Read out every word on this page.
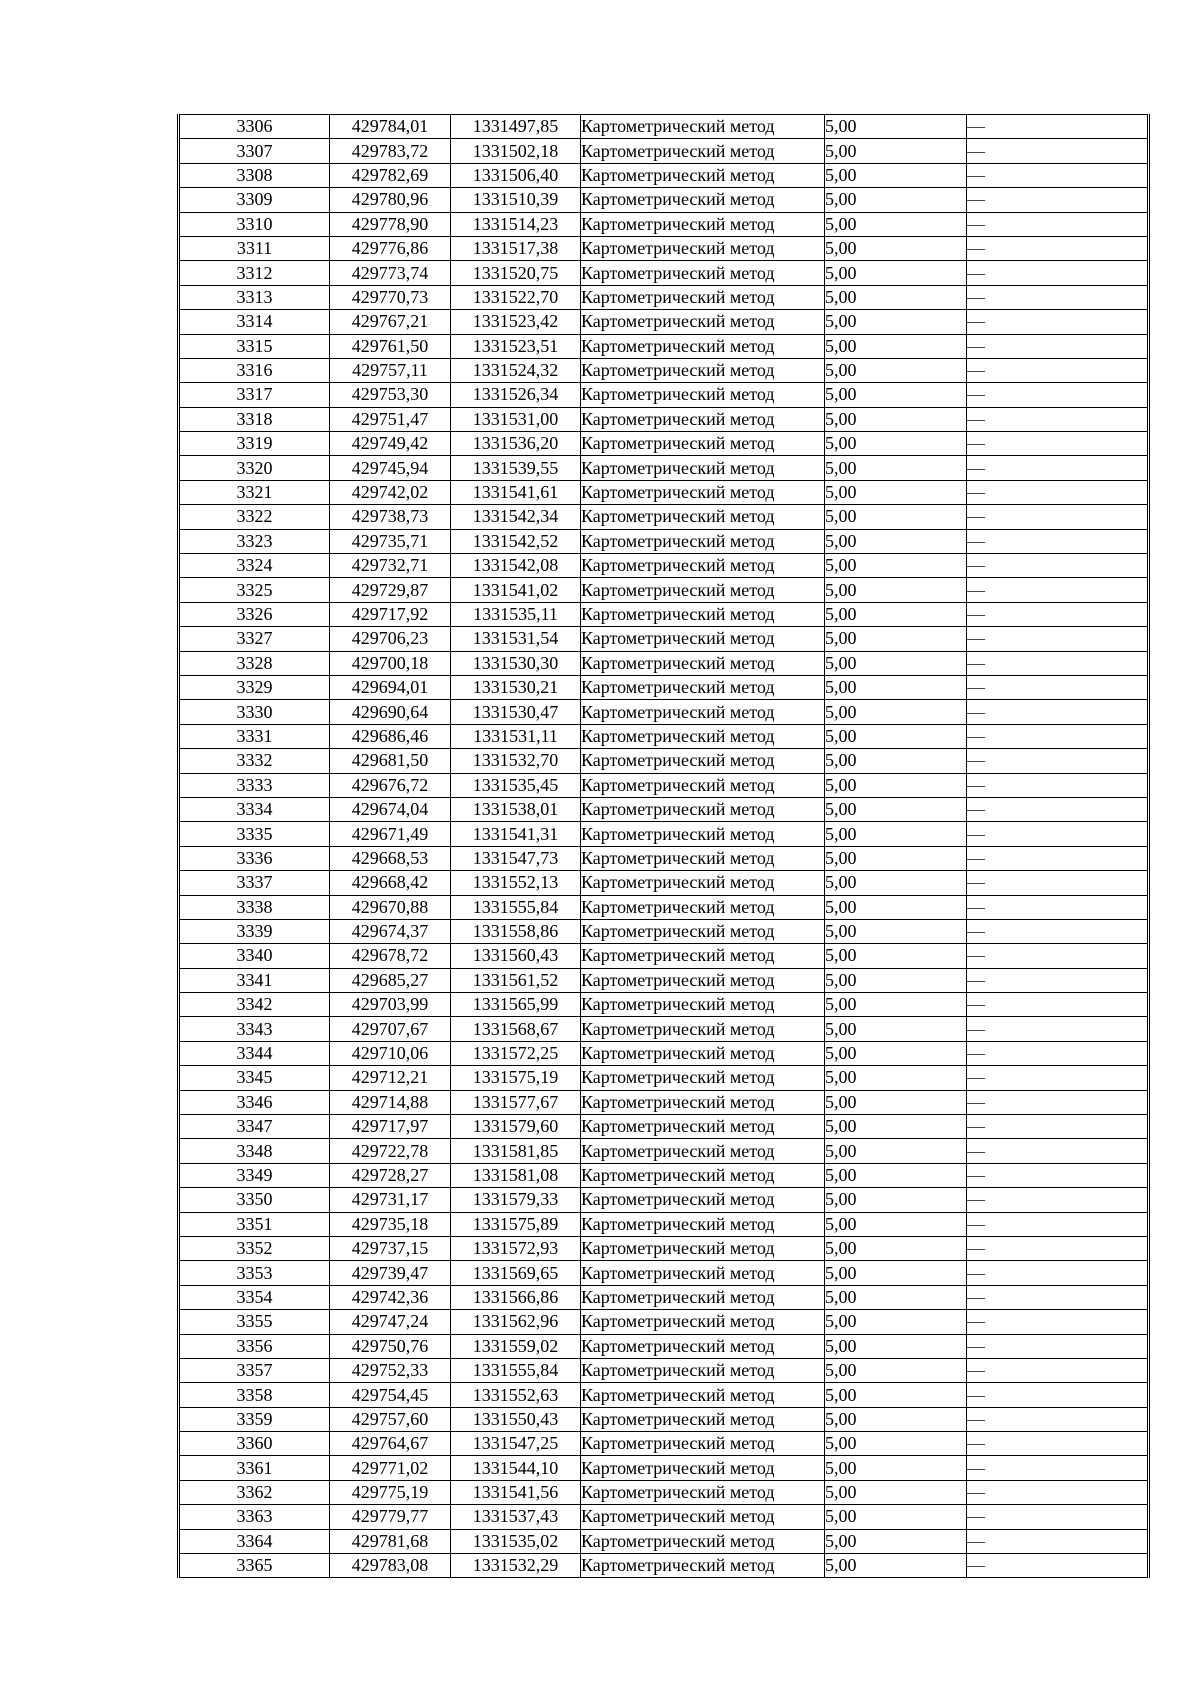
3306	429784,01	1331497,85	Картометрический метод	5,00	—
3307	429783,72	1331502,18	Картометрический метод	5,00	—
3308	429782,69	1331506,40	Картометрический метод	5,00	—
3309	429780,96	1331510,39	Картометрический метод	5,00	—
3310	429778,90	1331514,23	Картометрический метод	5,00	—
3311	429776,86	1331517,38	Картометрический метод	5,00	—
3312	429773,74	1331520,75	Картометрический метод	5,00	—
3313	429770,73	1331522,70	Картометрический метод	5,00	—
3314	429767,21	1331523,42	Картометрический метод	5,00	—
3315	429761,50	1331523,51	Картометрический метод	5,00	—
3316	429757,11	1331524,32	Картометрический метод	5,00	—
3317	429753,30	1331526,34	Картометрический метод	5,00	—
3318	429751,47	1331531,00	Картометрический метод	5,00	—
3319	429749,42	1331536,20	Картометрический метод	5,00	—
3320	429745,94	1331539,55	Картометрический метод	5,00	—
3321	429742,02	1331541,61	Картометрический метод	5,00	—
3322	429738,73	1331542,34	Картометрический метод	5,00	—
3323	429735,71	1331542,52	Картометрический метод	5,00	—
3324	429732,71	1331542,08	Картометрический метод	5,00	—
3325	429729,87	1331541,02	Картометрический метод	5,00	—
3326	429717,92	1331535,11	Картометрический метод	5,00	—
3327	429706,23	1331531,54	Картометрический метод	5,00	—
3328	429700,18	1331530,30	Картометрический метод	5,00	—
3329	429694,01	1331530,21	Картометрический метод	5,00	—
3330	429690,64	1331530,47	Картометрический метод	5,00	—
3331	429686,46	1331531,11	Картометрический метод	5,00	—
3332	429681,50	1331532,70	Картометрический метод	5,00	—
3333	429676,72	1331535,45	Картометрический метод	5,00	—
3334	429674,04	1331538,01	Картометрический метод	5,00	—
3335	429671,49	1331541,31	Картометрический метод	5,00	—
3336	429668,53	1331547,73	Картометрический метод	5,00	—
3337	429668,42	1331552,13	Картометрический метод	5,00	—
3338	429670,88	1331555,84	Картометрический метод	5,00	—
3339	429674,37	1331558,86	Картометрический метод	5,00	—
3340	429678,72	1331560,43	Картометрический метод	5,00	—
3341	429685,27	1331561,52	Картометрический метод	5,00	—
3342	429703,99	1331565,99	Картометрический метод	5,00	—
3343	429707,67	1331568,67	Картометрический метод	5,00	—
3344	429710,06	1331572,25	Картометрический метод	5,00	—
3345	429712,21	1331575,19	Картометрический метод	5,00	—
3346	429714,88	1331577,67	Картометрический метод	5,00	—
3347	429717,97	1331579,60	Картометрический метод	5,00	—
3348	429722,78	1331581,85	Картометрический метод	5,00	—
3349	429728,27	1331581,08	Картометрический метод	5,00	—
3350	429731,17	1331579,33	Картометрический метод	5,00	—
3351	429735,18	1331575,89	Картометрический метод	5,00	—
3352	429737,15	1331572,93	Картометрический метод	5,00	—
3353	429739,47	1331569,65	Картометрический метод	5,00	—
3354	429742,36	1331566,86	Картометрический метод	5,00	—
3355	429747,24	1331562,96	Картометрический метод	5,00	—
3356	429750,76	1331559,02	Картометрический метод	5,00	—
3357	429752,33	1331555,84	Картометрический метод	5,00	—
3358	429754,45	1331552,63	Картометрический метод	5,00	—
3359	429757,60	1331550,43	Картометрический метод	5,00	—
3360	429764,67	1331547,25	Картометрический метод	5,00	—
3361	429771,02	1331544,10	Картометрический метод	5,00	—
3362	429775,19	1331541,56	Картометрический метод	5,00	—
3363	429779,77	1331537,43	Картометрический метод	5,00	—
3364	429781,68	1331535,02	Картометрический метод	5,00	—
3365	429783,08	1331532,29	Картометрический метод	5,00	—
